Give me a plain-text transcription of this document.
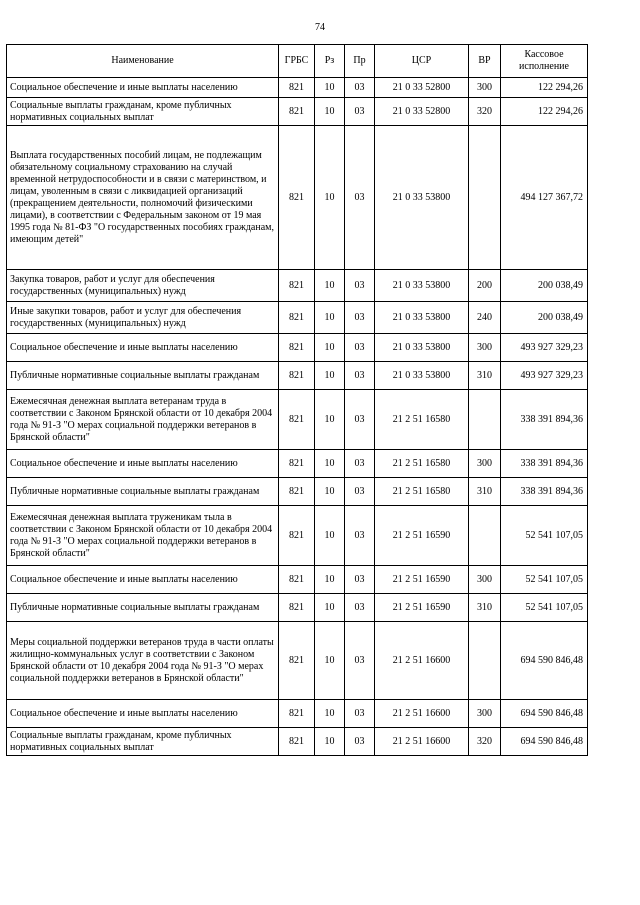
74
Наименование	ГРБС	Рз	Пр	ЦСР	ВР	Кассовое
исполнение
Социальное обеспечение и иные выплаты населению	821	10	03	21 0 33 52800	300	122 294,26
Социальные выплаты гражданам, кроме публичных нормативных социальных выплат	821	10	03	21 0 33 52800	320	122 294,26
Выплата государственных пособий лицам, не подлежащим обязательному социальному страхованию на случай временной нетрудоспособности и в связи с материнством, и лицам, уволенным в связи с ликвидацией организаций (прекращением деятельности, полномочий физическими лицами), в соответствии с Федеральным законом от 19 мая 1995 года № 81-ФЗ "О государственных пособиях гражданам, имеющим детей"	821	10	03	21 0 33 53800		494 127 367,72
Закупка товаров, работ и услуг для обеспечения государственных (муниципальных) нужд	821	10	03	21 0 33 53800	200	200 038,49
Иные закупки товаров, работ и услуг для обеспечения государственных (муниципальных) нужд	821	10	03	21 0 33 53800	240	200 038,49
Социальное обеспечение и иные выплаты населению	821	10	03	21 0 33 53800	300	493 927 329,23
Публичные нормативные социальные выплаты гражданам	821	10	03	21 0 33 53800	310	493 927 329,23
Ежемесячная денежная выплата ветеранам труда в соответствии с Законом Брянской области от 10 декабря 2004 года № 91-З "О мерах социальной поддержки ветеранов в Брянской области"	821	10	03	21 2 51 16580		338 391 894,36
Социальное обеспечение и иные выплаты населению	821	10	03	21 2 51 16580	300	338 391 894,36
Публичные нормативные социальные выплаты гражданам	821	10	03	21 2 51 16580	310	338 391 894,36
Ежемесячная денежная выплата труженикам тыла в соответствии с Законом Брянской области от 10 декабря 2004 года № 91-З "О мерах социальной поддержки ветеранов в Брянской области"	821	10	03	21 2 51 16590		52 541 107,05
Социальное обеспечение и иные выплаты населению	821	10	03	21 2 51 16590	300	52 541 107,05
Публичные нормативные социальные выплаты гражданам	821	10	03	21 2 51 16590	310	52 541 107,05
Меры социальной поддержки ветеранов труда в части оплаты жилищно-коммунальных услуг в соответствии с Законом Брянской области от 10 декабря 2004 года № 91-З "О мерах социальной поддержки ветеранов в Брянской области"	821	10	03	21 2 51 16600		694 590 846,48
Социальное обеспечение и иные выплаты населению	821	10	03	21 2 51 16600	300	694 590 846,48
Социальные выплаты гражданам, кроме публичных нормативных социальных выплат	821	10	03	21 2 51 16600	320	694 590 846,48
